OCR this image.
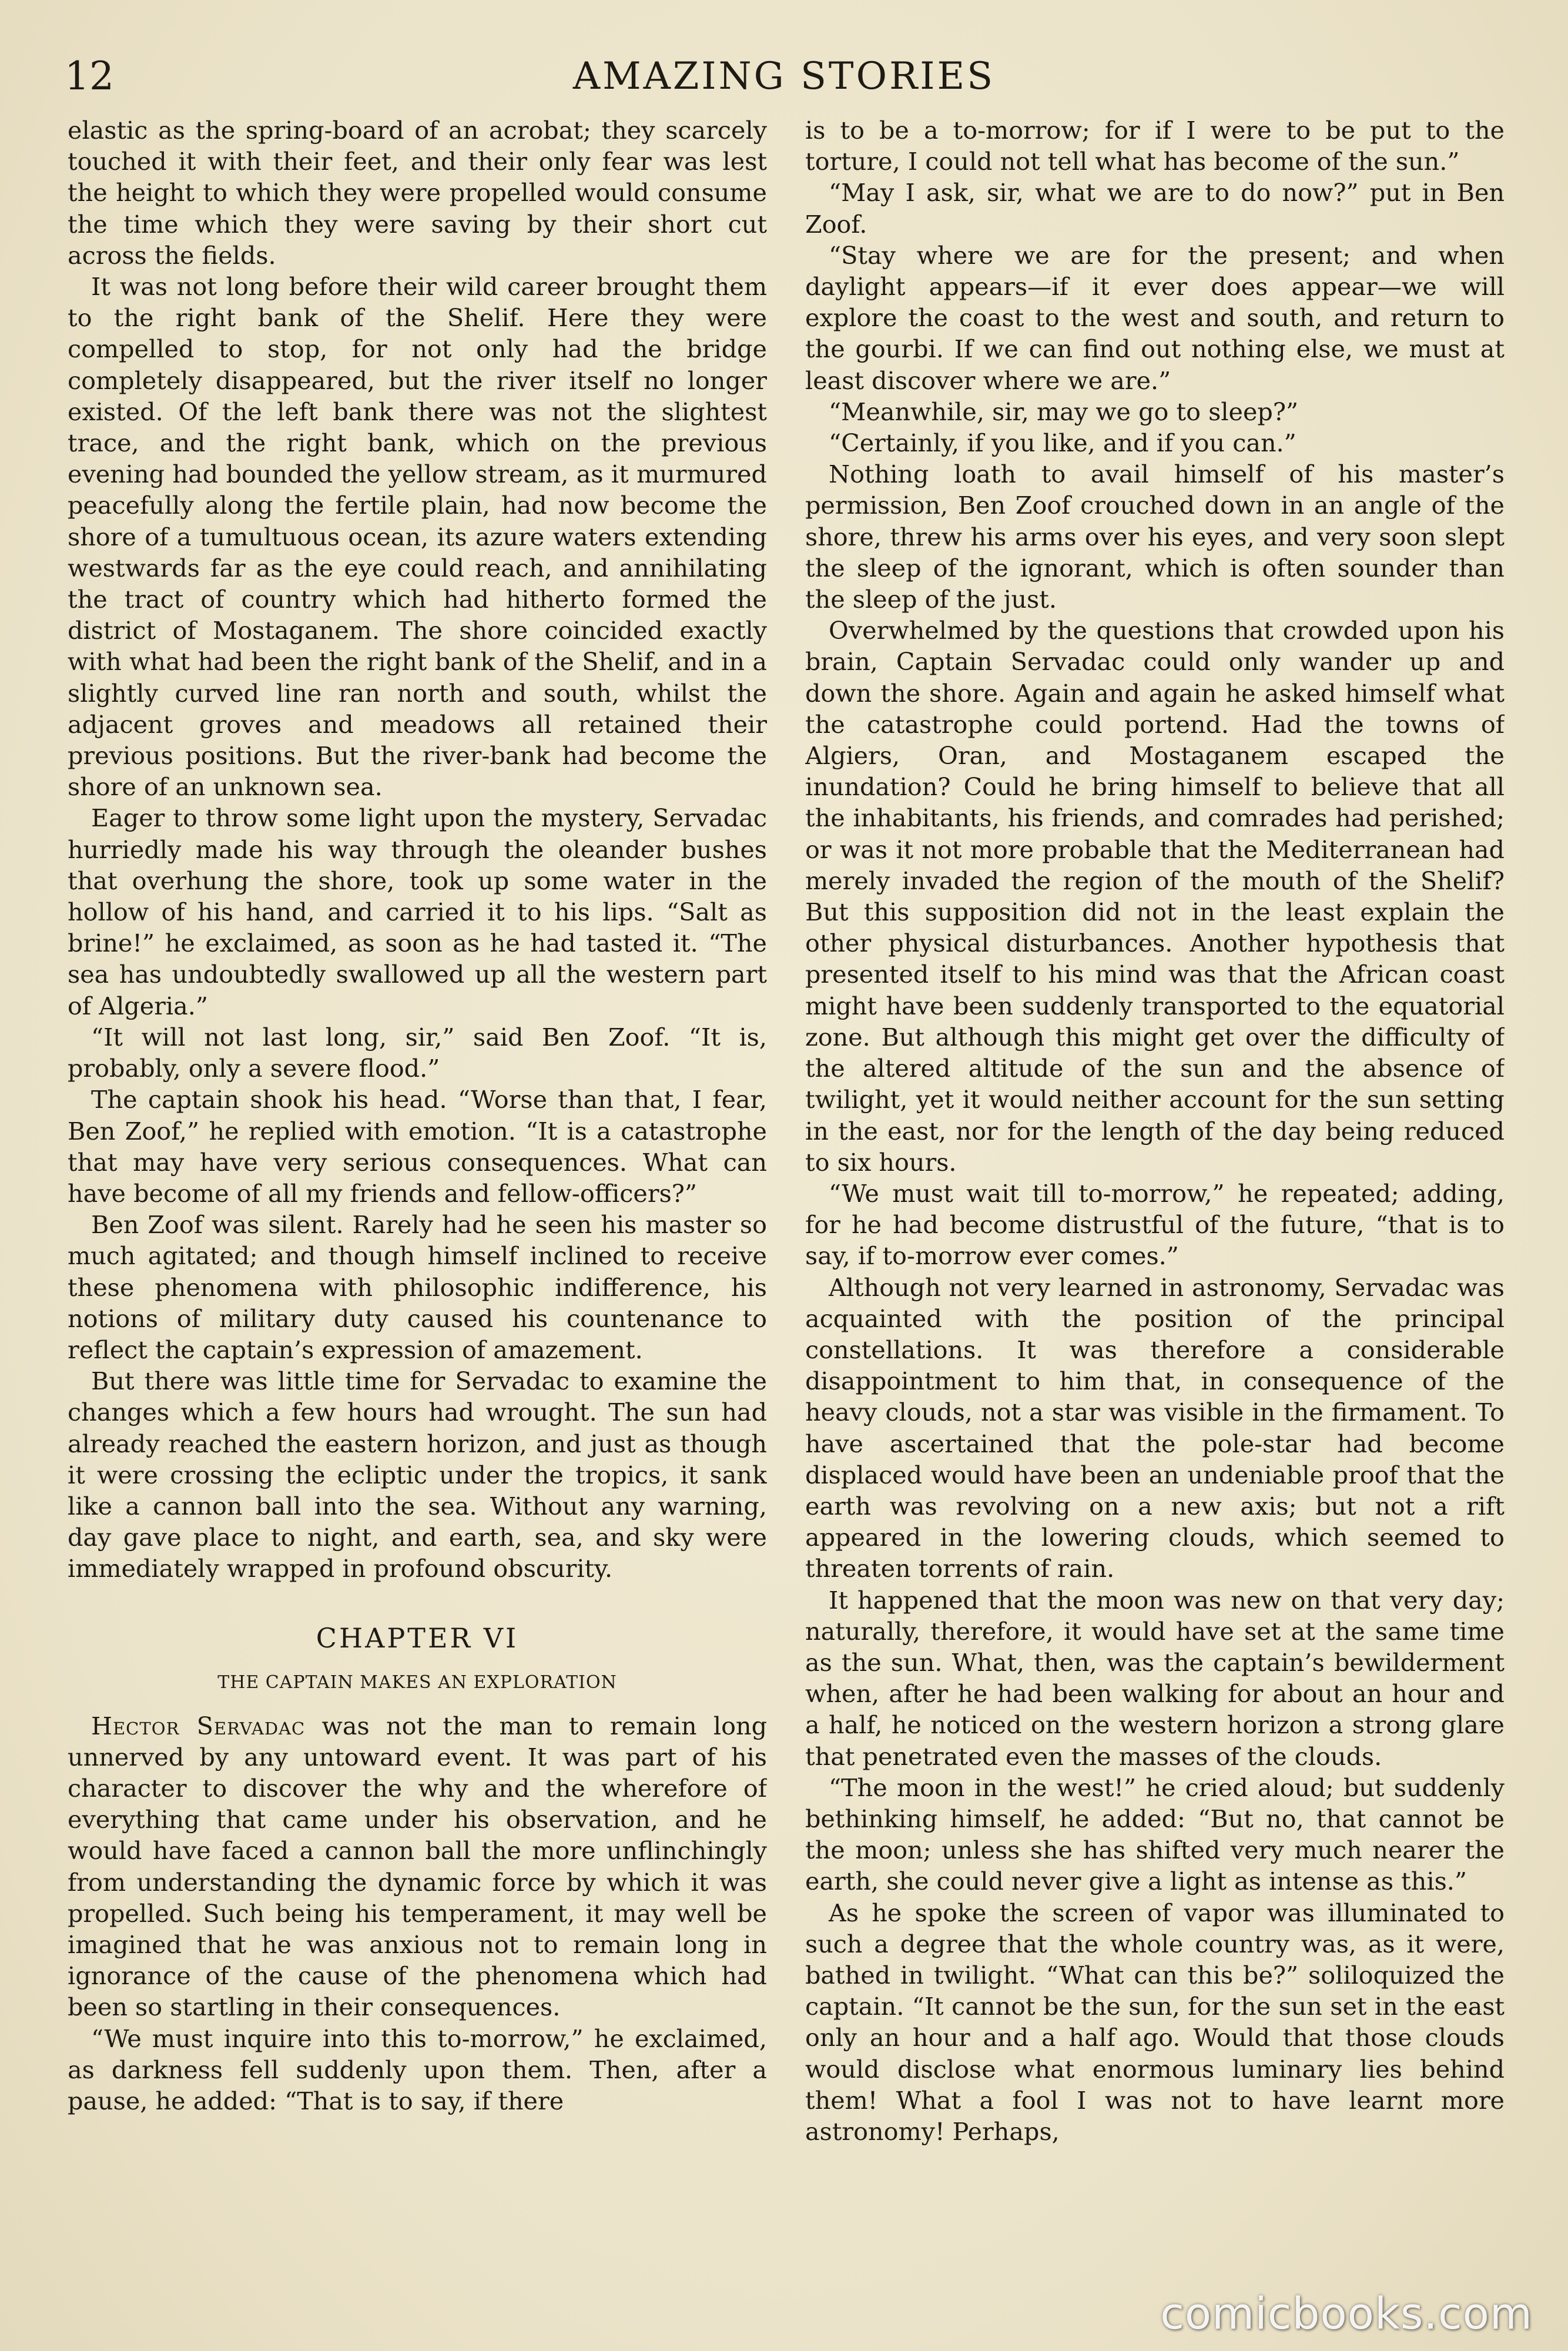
12	AMAZING STORIES

elastic as the spring-board of an acrobat; they scarcely touched it with their feet, and their only fear was lest the height to which they were propelled would consume the time which they were saving by their short cut across the fields.

It was not long before their wild career brought them to the right bank of the Shelif. Here they were compelled to stop, for not only had the bridge completely disappeared, but the river itself no longer existed. Of the left bank there was not the slightest trace, and the right bank, which on the previous evening had bounded the yellow stream, as it murmured peacefully along the fertile plain, had now become the shore of a tumultuous ocean, its azure waters extending westwards far as the eye could reach, and annihilating the tract of country which had hitherto formed the district of Mostaganem. The shore coincided exactly with what had been the right bank of the Shelif, and in a slightly curved line ran north and south, whilst the adjacent groves and meadows all retained their previous positions. But the river-bank had become the shore of an unknown sea.

Eager to throw some light upon the mystery, Servadac hurriedly made his way through the oleander bushes that overhung the shore, took up some water in the hollow of his hand, and carried it to his lips. “Salt as brine!” he exclaimed, as soon as he had tasted it. “The sea has undoubtedly swallowed up all the western part of Algeria.”

“It will not last long, sir,” said Ben Zoof. “It is, probably, only a severe flood.”

The captain shook his head. “Worse than that, I fear, Ben Zoof,” he replied with emotion. “It is a catastrophe that may have very serious consequences. What can have become of all my friends and fellow-officers?”

Ben Zoof was silent. Rarely had he seen his master so much agitated; and though himself inclined to receive these phenomena with philosophic indifference, his notions of military duty caused his countenance to reflect the captain’s expression of amazement.

But there was little time for Servadac to examine the changes which a few hours had wrought. The sun had already reached the eastern horizon, and just as though it were crossing the ecliptic under the tropics, it sank like a cannon ball into the sea. Without any warning, day gave place to night, and earth, sea, and sky were immediately wrapped in profound obscurity.

CHAPTER VI
THE CAPTAIN MAKES AN EXPLORATION

Hector Servadac was not the man to remain long unnerved by any untoward event. It was part of his character to discover the why and the wherefore of everything that came under his observation, and he would have faced a cannon ball the more unflinchingly from understanding the dynamic force by which it was propelled. Such being his temperament, it may well be imagined that he was anxious not to remain long in ignorance of the cause of the phenomena which had been so startling in their consequences.

“We must inquire into this to-morrow,” he exclaimed, as darkness fell suddenly upon them. Then, after a pause, he added: “That is to say, if there

is to be a to-morrow; for if I were to be put to the torture, I could not tell what has become of the sun.”

“May I ask, sir, what we are to do now?” put in Ben Zoof.

“Stay where we are for the present; and when daylight appears—if it ever does appear—we will explore the coast to the west and south, and return to the gourbi. If we can find out nothing else, we must at least discover where we are.”

“Meanwhile, sir, may we go to sleep?”

“Certainly, if you like, and if you can.”

Nothing loath to avail himself of his master’s permission, Ben Zoof crouched down in an angle of the shore, threw his arms over his eyes, and very soon slept the sleep of the ignorant, which is often sounder than the sleep of the just.

Overwhelmed by the questions that crowded upon his brain, Captain Servadac could only wander up and down the shore. Again and again he asked himself what the catastrophe could portend. Had the towns of Algiers, Oran, and Mostaganem escaped the inundation? Could he bring himself to believe that all the inhabitants, his friends, and comrades had perished; or was it not more probable that the Mediterranean had merely invaded the region of the mouth of the Shelif? But this supposition did not in the least explain the other physical disturbances. Another hypothesis that presented itself to his mind was that the African coast might have been suddenly transported to the equatorial zone. But although this might get over the difficulty of the altered altitude of the sun and the absence of twilight, yet it would neither account for the sun setting in the east, nor for the length of the day being reduced to six hours.

“We must wait till to-morrow,” he repeated; adding, for he had become distrustful of the future, “that is to say, if to-morrow ever comes.”

Although not very learned in astronomy, Servadac was acquainted with the position of the principal constellations. It was therefore a considerable disappointment to him that, in consequence of the heavy clouds, not a star was visible in the firmament. To have ascertained that the pole-star had become displaced would have been an undeniable proof that the earth was revolving on a new axis; but not a rift appeared in the lowering clouds, which seemed to threaten torrents of rain.

It happened that the moon was new on that very day; naturally, therefore, it would have set at the same time as the sun. What, then, was the captain’s bewilderment when, after he had been walking for about an hour and a half, he noticed on the western horizon a strong glare that penetrated even the masses of the clouds.

“The moon in the west!” he cried aloud; but suddenly bethinking himself, he added: “But no, that cannot be the moon; unless she has shifted very much nearer the earth, she could never give a light as intense as this.”

As he spoke the screen of vapor was illuminated to such a degree that the whole country was, as it were, bathed in twilight. “What can this be?” soliloquized the captain. “It cannot be the sun, for the sun set in the east only an hour and a half ago. Would that those clouds would disclose what enormous luminary lies behind them! What a fool I was not to have learnt more astronomy! Perhaps,

comicbooks.com
